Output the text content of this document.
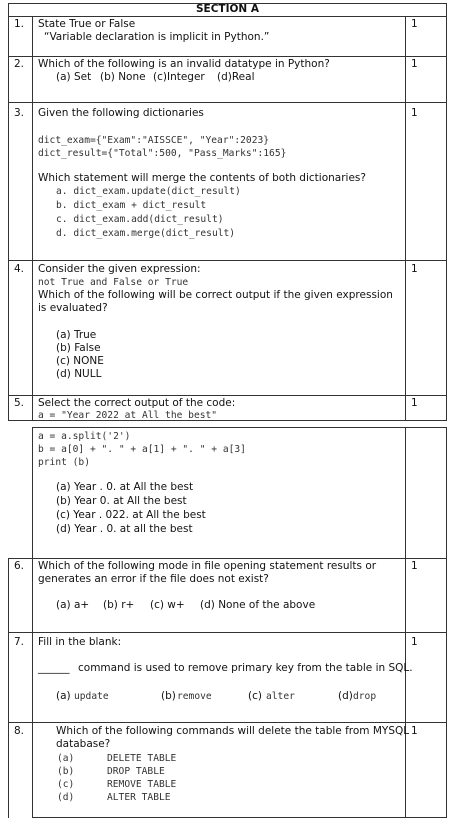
SECTION A
1. State True or False
“Variable declaration is implicit in Python.”
1
2. Which of the following is an invalid datatype in Python?
(a) Set (b) None (c)Integer (d)Real
1
3. Given the following dictionaries
dict_exam={"Exam":"AISSCE", "Year":2023}
dict_result={"Total":500, "Pass_Marks":165}
Which statement will merge the contents of both dictionaries?
a. dict_exam.update(dict_result)
b. dict_exam + dict_result
c. dict_exam.add(dict_result)
d. dict_exam.merge(dict_result)
1
4. Consider the given expression:
not True and False or True
Which of the following will be correct output if the given expression is evaluated?
(a) True
(b) False
(c) NONE
(d) NULL
1
5. Select the correct output of the code:
a = "Year 2022 at All the best"
1
a = a.split('2')
b = a[0] + ". " + a[1] + ". " + a[3]
print (b)
(a) Year . 0. at All the best
(b) Year 0. at All the best
(c) Year . 022. at All the best
(d) Year . 0. at all the best
6. Which of the following mode in file opening statement results or
generates an error if the file does not exist?
(a) a+ (b) r+ (c) w+ (d) None of the above
1
7. Fill in the blank:
______ command is used to remove primary key from the table in SQL.
(a) update	(b) remove	(c) alter	(d) drop
1
8.	Which of the following commands will delete the table from MYSQL
database?
(a)	DELETE TABLE
(b)	DROP TABLE
(c)	REMOVE TABLE
(d)	ALTER TABLE
1
